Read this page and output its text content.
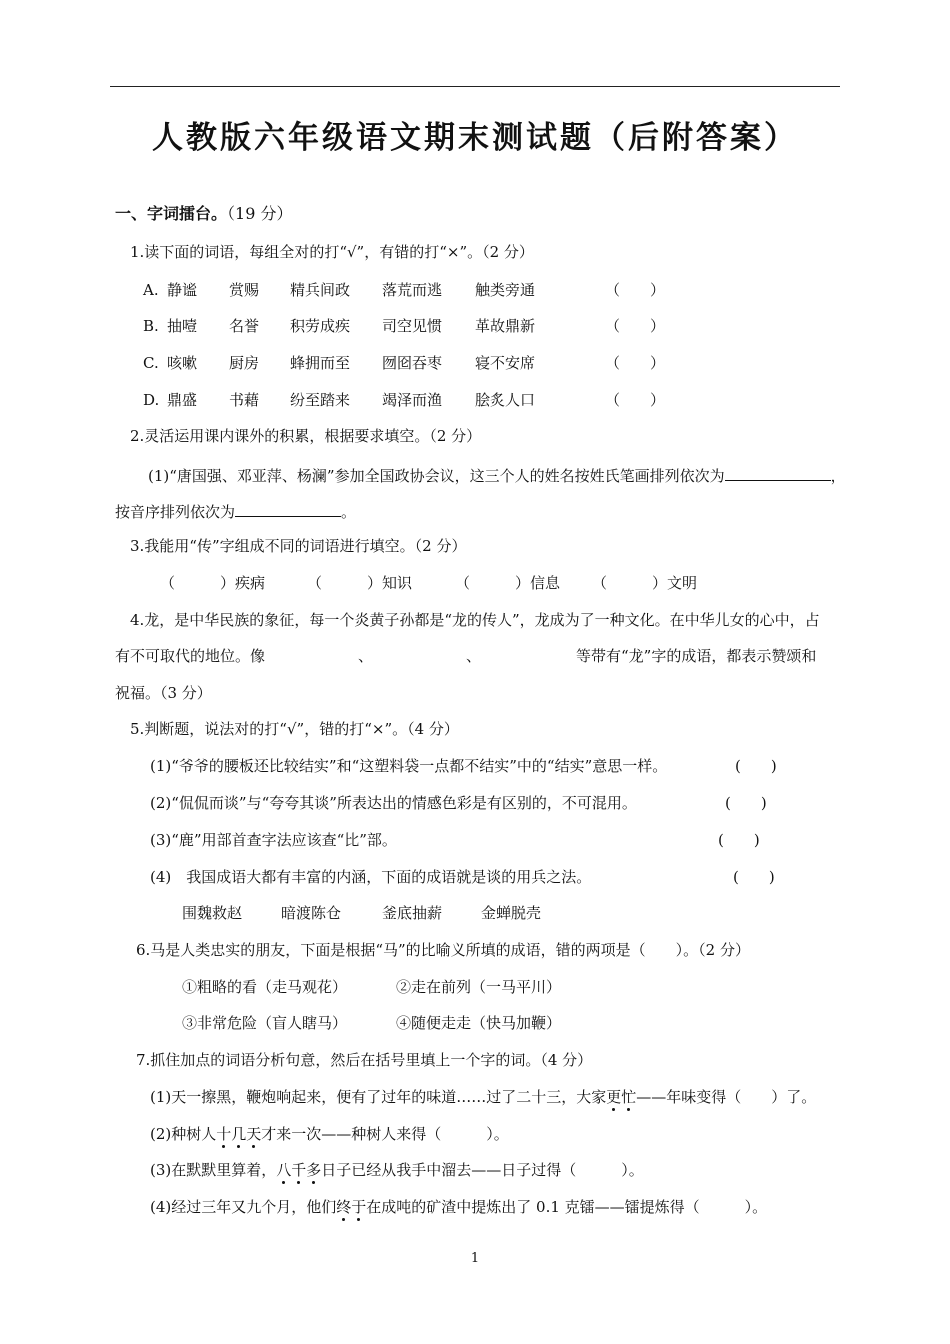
人教版六年级语文期末测试题（后附答案）
一、字词擂台。（19 分）
1.读下面的词语，每组全对的打“√”，有错的打“×”。（2 分）
A. 静谧 赏赐 精兵间政 落荒而逃 触类旁通	（　　）
B. 抽噎 名誉 积劳成疾 司空见惯 革故鼎新	（　　）
C. 咳嗽 厨房 蜂拥而至 囫囵吞枣 寝不安席	（　　）
D. 鼎盛 书藉 纷至踏来 竭泽而渔 脍炙人口	（　　）
2.灵活运用课内课外的积累，根据要求填空。（2 分）
(1)“唐国强、邓亚萍、杨澜”参加全国政协会议，这三个人的姓名按姓氏笔画排列依次为	，
按音序排列依次为	。
3.我能用“传”字组成不同的词语进行填空。（2 分）
（　　　）疾病	（　　　）知识	（　　　）信息 （　　　）文明
4.龙，是中华民族的象征，每一个炎黄子孙都是“龙的传人”，龙成为了一种文化。在中华儿女的心中，占
有不可取代的地位。像	、	、	等带有“龙”字的成语，都表示赞颂和
祝福。（3 分）
5.判断题，说法对的打“√”，错的打“×”。（4 分）
(1)“爷爷的腰板还比较结实”和“这塑料袋一点都不结实”中的“结实”意思一样。	(　　)
(2)“侃侃而谈”与“夸夸其谈”所表达出的情感色彩是有区别的，不可混用。	(　　)
(3)“鹿”用部首查字法应该查“比”部。	(　　)
(4)　我国成语大都有丰富的内涵，下面的成语就是谈的用兵之法。	(　　)
围魏救赵	暗渡陈仓	釜底抽薪	金蝉脱壳
6.马是人类忠实的朋友，下面是根据“马”的比喻义所填的成语，错的两项是（　　）。（2 分）
①粗略的看（走马观花）	②走在前列（一马平川）
③非常危险（盲人瞎马）	④随便走走（快马加鞭）
7.抓住加点的词语分析句意，然后在括号里填上一个字的词。（4 分）
(1)天一擦黑，鞭炮响起来，便有了过年的味道……过了二十三，大家更忙——年味变得（　　）了。
(2)种树人十几天才来一次——种树人来得（　　　）。
(3)在默默里算着，八千多日子已经从我手中溜去——日子过得（　　　）。
(4)经过三年又九个月，他们终于在成吨的矿渣中提炼出了 0.1 克镭——镭提炼得（　　　）。
1
